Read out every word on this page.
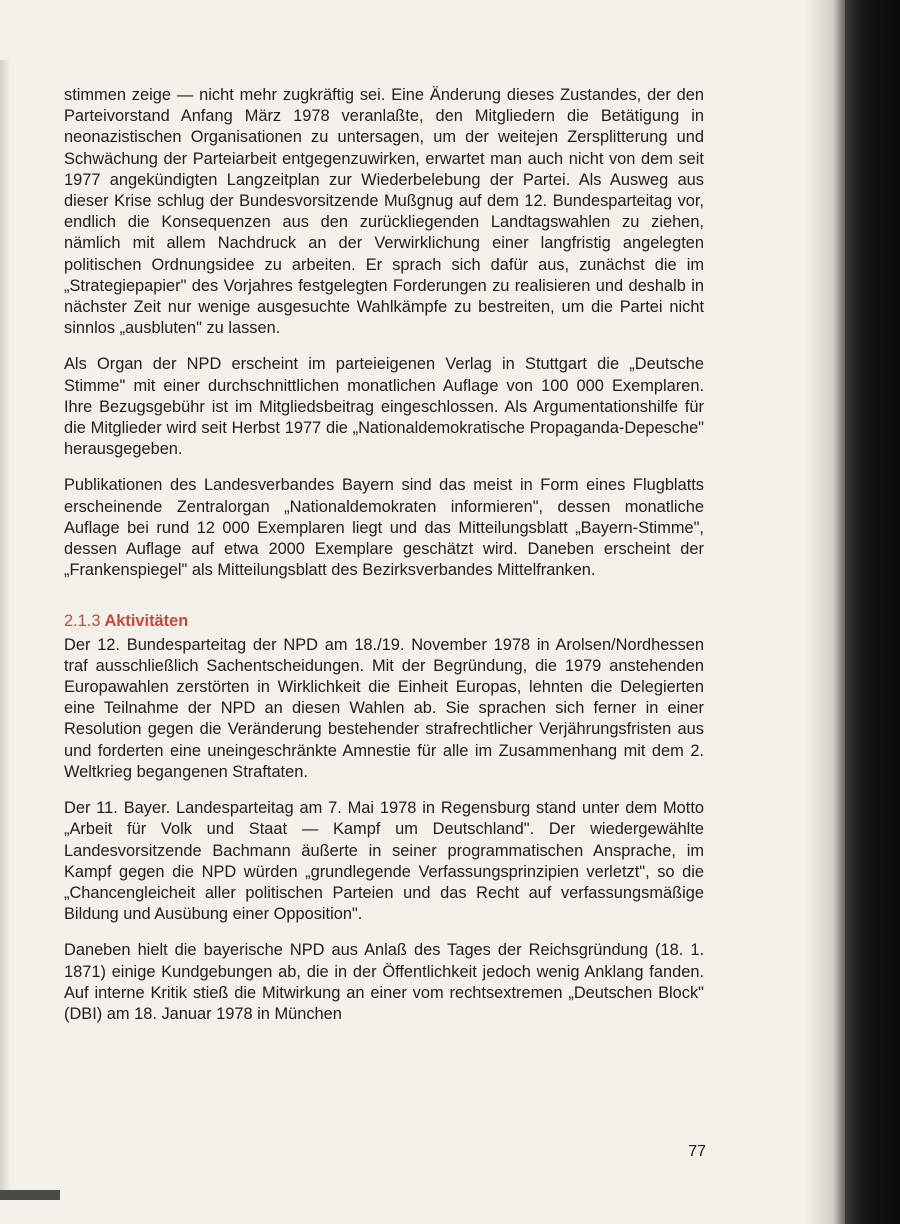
stimmen zeige — nicht mehr zugkräftig sei. Eine Änderung dieses Zustandes, der den Parteivorstand Anfang März 1978 veranlaßte, den Mitgliedern die Betätigung in neonazistischen Organisationen zu untersagen, um der weitejen Zersplitterung und Schwächung der Parteiarbeit entgegenzuwirken, erwartet man auch nicht von dem seit 1977 angekündigten Langzeitplan zur Wiederbelebung der Partei. Als Ausweg aus dieser Krise schlug der Bundesvorsitzende Mußgnug auf dem 12. Bundesparteitag vor, endlich die Konsequenzen aus den zurückliegenden Landtagswahlen zu ziehen, nämlich mit allem Nachdruck an der Verwirklichung einer langfristig angelegten politischen Ordnungsidee zu arbeiten. Er sprach sich dafür aus, zunächst die im „Strategiepapier" des Vorjahres festgelegten Forderungen zu realisieren und deshalb in nächster Zeit nur wenige ausgesuchte Wahlkämpfe zu bestreiten, um die Partei nicht sinnlos „ausbluten" zu lassen.

Als Organ der NPD erscheint im parteieigenen Verlag in Stuttgart die „Deutsche Stimme" mit einer durchschnittlichen monatlichen Auflage von 100 000 Exemplaren. Ihre Bezugsgebühr ist im Mitgliedsbeitrag eingeschlossen. Als Argumentationshilfe für die Mitglieder wird seit Herbst 1977 die „Nationaldemokratische Propaganda-Depesche" herausgegeben.

Publikationen des Landesverbandes Bayern sind das meist in Form eines Flugblatts erscheinende Zentralorgan „Nationaldemokraten informieren", dessen monatliche Auflage bei rund 12 000 Exemplaren liegt und das Mitteilungsblatt „Bayern-Stimme", dessen Auflage auf etwa 2000 Exemplare geschätzt wird. Daneben erscheint der „Frankenspiegel" als Mitteilungsblatt des Bezirksverbandes Mittelfranken.

2.1.3 Aktivitäten

Der 12. Bundesparteitag der NPD am 18./19. November 1978 in Arolsen/Nordhessen traf ausschließlich Sachentscheidungen. Mit der Begründung, die 1979 anstehenden Europawahlen zerstörten in Wirklichkeit die Einheit Europas, lehnten die Delegierten eine Teilnahme der NPD an diesen Wahlen ab. Sie sprachen sich ferner in einer Resolution gegen die Veränderung bestehender strafrechtlicher Verjährungsfristen aus und forderten eine uneingeschränkte Amnestie für alle im Zusammenhang mit dem 2. Weltkrieg begangenen Straftaten.

Der 11. Bayer. Landesparteitag am 7. Mai 1978 in Regensburg stand unter dem Motto „Arbeit für Volk und Staat — Kampf um Deutschland". Der wiedergewählte Landesvorsitzende Bachmann äußerte in seiner programmatischen Ansprache, im Kampf gegen die NPD würden „grundlegende Verfassungsprinzipien verletzt", so die „Chancengleicheit aller politischen Parteien und das Recht auf verfassungsmäßige Bildung und Ausübung einer Opposition".

Daneben hielt die bayerische NPD aus Anlaß des Tages der Reichsgründung (18. 1. 1871) einige Kundgebungen ab, die in der Öffentlichkeit jedoch wenig Anklang fanden. Auf interne Kritik stieß die Mitwirkung an einer vom rechtsextremen „Deutschen Block" (DBI) am 18. Januar 1978 in München

77
